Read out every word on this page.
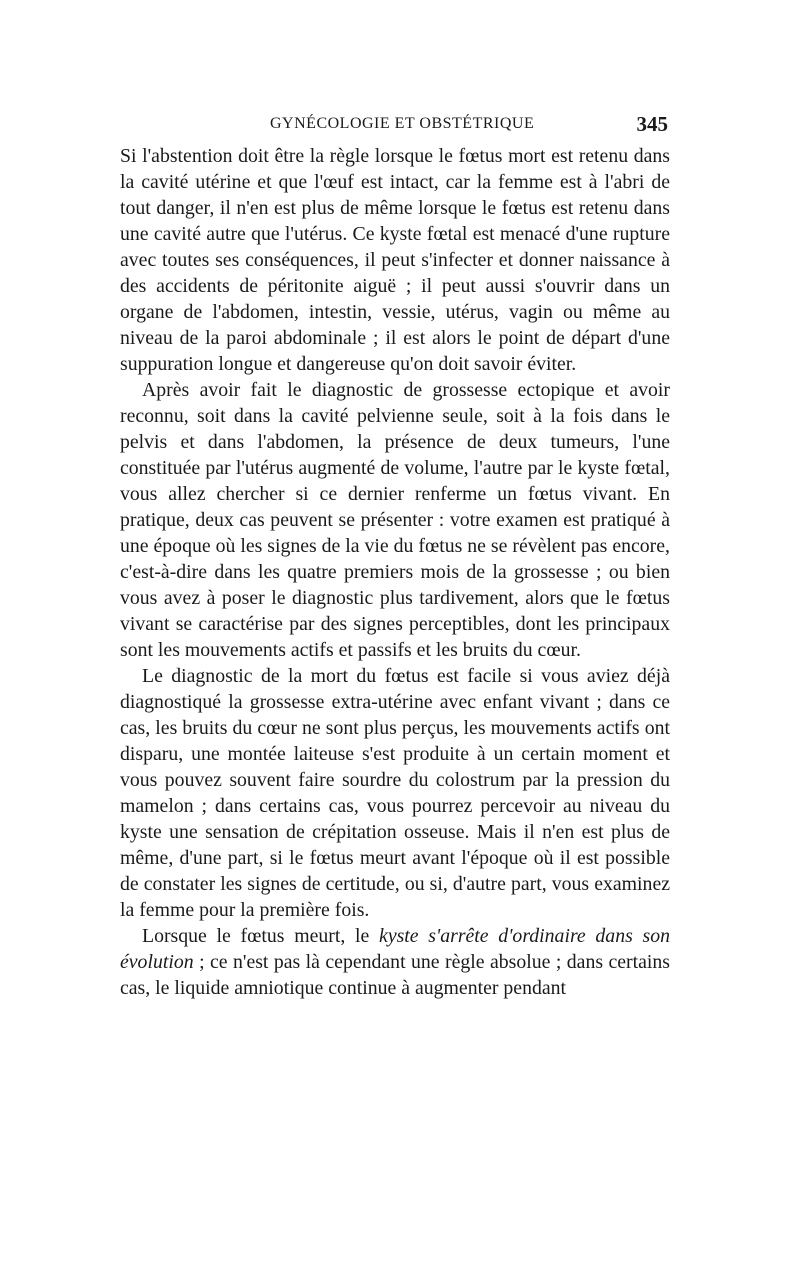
GYNÉCOLOGIE ET OBSTÉTRIQUE	345

Si l'abstention doit être la règle lorsque le fœtus mort est retenu dans la cavité utérine et que l'œuf est intact, car la femme est à l'abri de tout danger, il n'en est plus de même lorsque le fœtus est retenu dans une cavité autre que l'utérus. Ce kyste fœtal est menacé d'une rupture avec toutes ses conséquences, il peut s'infecter et donner naissance à des accidents de péritonite aiguë ; il peut aussi s'ouvrir dans un organe de l'abdomen, intestin, vessie, utérus, vagin ou même au niveau de la paroi abdominale ; il est alors le point de départ d'une suppuration longue et dangereuse qu'on doit savoir éviter.

Après avoir fait le diagnostic de grossesse ectopique et avoir reconnu, soit dans la cavité pelvienne seule, soit à la fois dans le pelvis et dans l'abdomen, la présence de deux tumeurs, l'une constituée par l'utérus augmenté de volume, l'autre par le kyste fœtal, vous allez chercher si ce dernier renferme un fœtus vivant. En pratique, deux cas peuvent se présenter : votre examen est pratiqué à une époque où les signes de la vie du fœtus ne se révèlent pas encore, c'est-à-dire dans les quatre premiers mois de la grossesse ; ou bien vous avez à poser le diagnostic plus tardivement, alors que le fœtus vivant se caractérise par des signes perceptibles, dont les principaux sont les mouvements actifs et passifs et les bruits du cœur.

Le diagnostic de la mort du fœtus est facile si vous aviez déjà diagnostiqué la grossesse extra-utérine avec enfant vivant ; dans ce cas, les bruits du cœur ne sont plus perçus, les mouvements actifs ont disparu, une montée laiteuse s'est produite à un certain moment et vous pouvez souvent faire sourdre du colostrum par la pression du mamelon ; dans certains cas, vous pourrez percevoir au niveau du kyste une sensation de crépitation osseuse. Mais il n'en est plus de même, d'une part, si le fœtus meurt avant l'époque où il est possible de constater les signes de certitude, ou si, d'autre part, vous examinez la femme pour la première fois.

Lorsque le fœtus meurt, le kyste s'arrête d'ordinaire dans son évolution ; ce n'est pas là cependant une règle absolue ; dans certains cas, le liquide amniotique continue à augmenter pendant
